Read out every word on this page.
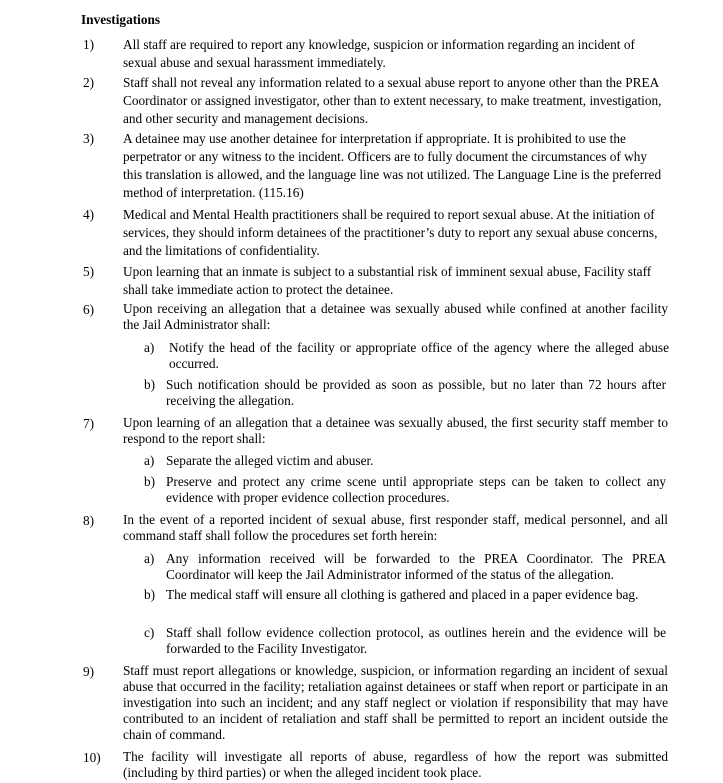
Investigations
1)	All staff are required to report any knowledge, suspicion or information regarding an incident of sexual abuse and sexual harassment immediately.
2)	Staff shall not reveal any information related to a sexual abuse report to anyone other than the PREA Coordinator or assigned investigator, other than to extent necessary, to make treatment, investigation, and other security and management decisions.
3)	A detainee may use another detainee for interpretation if appropriate. It is prohibited to use the perpetrator or any witness to the incident. Officers are to fully document the circumstances of why this translation is allowed, and the language line was not utilized. The Language Line is the preferred method of interpretation. (115.16)
4)	Medical and Mental Health practitioners shall be required to report sexual abuse. At the initiation of services, they should inform detainees of the practitioner’s duty to report any sexual abuse concerns, and the limitations of confidentiality.
5)	Upon learning that an inmate is subject to a substantial risk of imminent sexual abuse, Facility staff shall take immediate action to protect the detainee.
6)	Upon receiving an allegation that a detainee was sexually abused while confined at another facility the Jail Administrator shall:
a) Notify the head of the facility or appropriate office of the agency where the alleged abuse occurred.
b) Such notification should be provided as soon as possible, but no later than 72 hours after receiving the allegation.
7)	Upon learning of an allegation that a detainee was sexually abused, the first security staff member to respond to the report shall:
a) Separate the alleged victim and abuser.
b) Preserve and protect any crime scene until appropriate steps can be taken to collect any evidence with proper evidence collection procedures.
8)	In the event of a reported incident of sexual abuse, first responder staff, medical personnel, and all command staff shall follow the procedures set forth herein:
a) Any information received will be forwarded to the PREA Coordinator. The PREA Coordinator will keep the Jail Administrator informed of the status of the allegation.
b) The medical staff will ensure all clothing is gathered and placed in a paper evidence bag.
c) Staff shall follow evidence collection protocol, as outlines herein and the evidence will be forwarded to the Facility Investigator.
9)	Staff must report allegations or knowledge, suspicion, or information regarding an incident of sexual abuse that occurred in the facility; retaliation against detainees or staff when report or participate in an investigation into such an incident; and any staff neglect or violation if responsibility that may have contributed to an incident of retaliation and staff shall be permitted to report an incident outside the chain of command.
10)	The facility will investigate all reports of abuse, regardless of how the report was submitted (including by third parties) or when the alleged incident took place.
